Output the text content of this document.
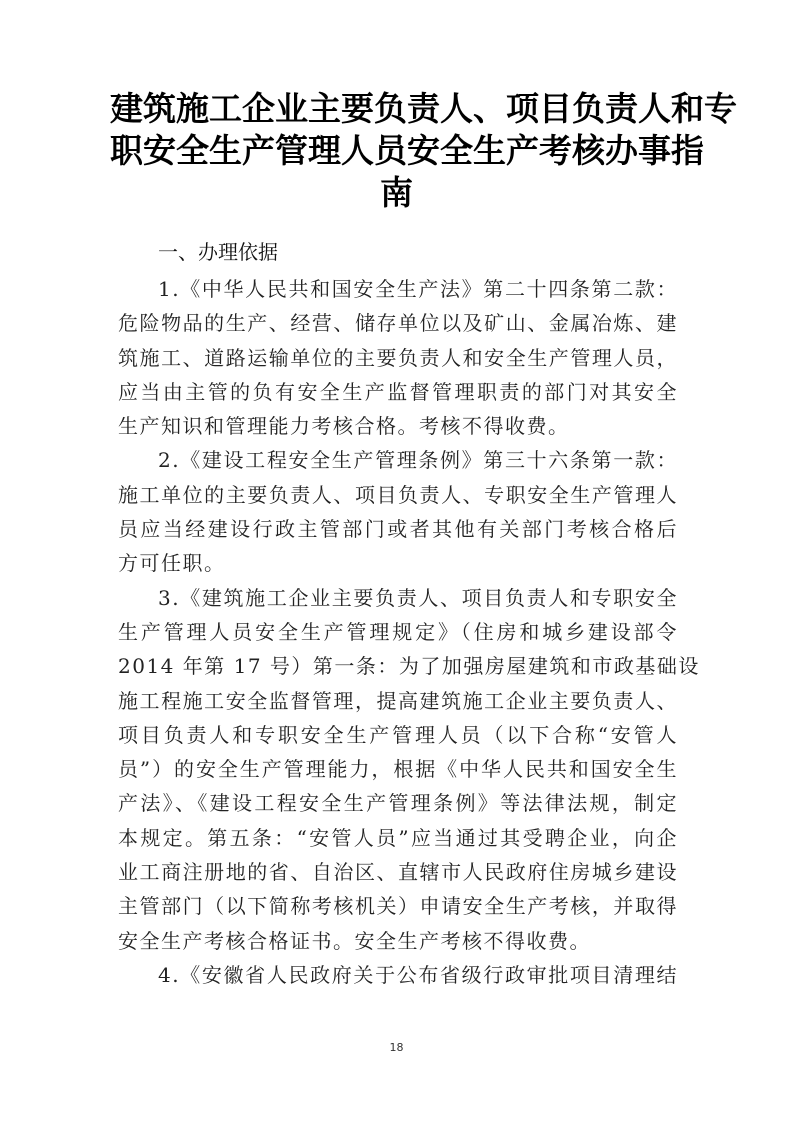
建筑施工企业主要负责人、项目负责人和专
职安全生产管理人员安全生产考核办事指
南
一、办理依据
1.《中华人民共和国安全生产法》第二十四条第二款：
危险物品的生产、经营、储存单位以及矿山、金属冶炼、建
筑施工、道路运输单位的主要负责人和安全生产管理人员，
应当由主管的负有安全生产监督管理职责的部门对其安全
生产知识和管理能力考核合格。考核不得收费。
2.《建设工程安全生产管理条例》第三十六条第一款：
施工单位的主要负责人、项目负责人、专职安全生产管理人
员应当经建设行政主管部门或者其他有关部门考核合格后
方可任职。
3.《建筑施工企业主要负责人、项目负责人和专职安全
生产管理人员安全生产管理规定》（住房和城乡建设部令
2014 年第 17 号）第一条：为了加强房屋建筑和市政基础设
施工程施工安全监督管理，提高建筑施工企业主要负责人、
项目负责人和专职安全生产管理人员（以下合称“安管人
员”）的安全生产管理能力，根据《中华人民共和国安全生
产法》、《建设工程安全生产管理条例》等法律法规，制定
本规定。第五条：“安管人员”应当通过其受聘企业，向企
业工商注册地的省、自治区、直辖市人民政府住房城乡建设
主管部门（以下简称考核机关）申请安全生产考核，并取得
安全生产考核合格证书。安全生产考核不得收费。
4.《安徽省人民政府关于公布省级行政审批项目清理结
18
